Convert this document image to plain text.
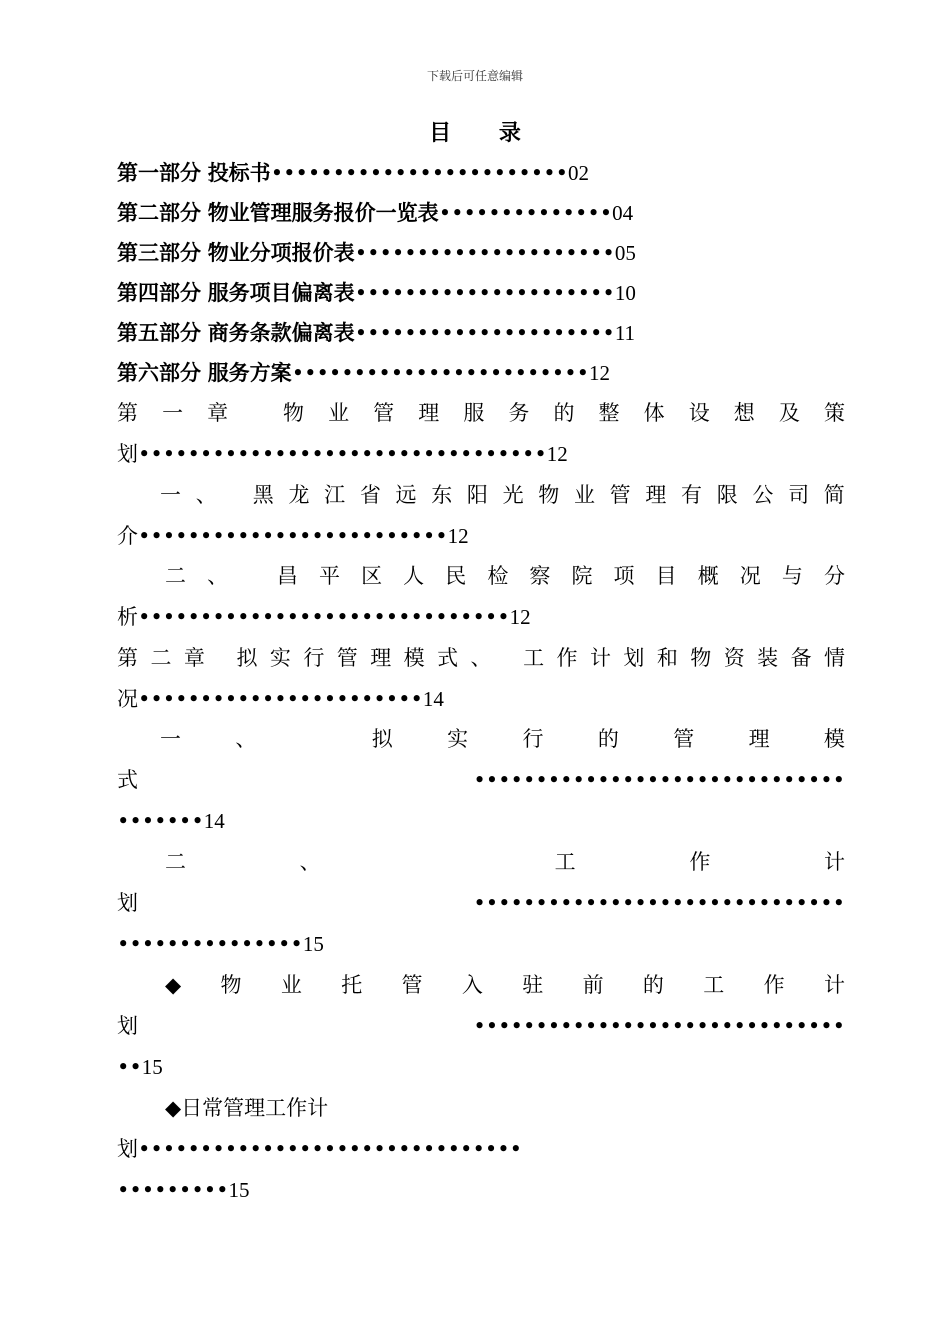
下载后可任意编辑
目 录
第一部分 投标书••••••••••••••••••••••••02
第二部分 物业管理服务报价一览表••••••••••••••04
第三部分 物业分项报价表•••••••••••••••••••••05
第四部分 服务项目偏离表•••••••••••••••••••••10
第五部分 商务条款偏离表•••••••••••••••••••••11
第六部分 服务方案••••••••••••••••••••••••12
第 一 章
	物 业 管 理 服 务 的 整 体 设 想 及 策
划•••••••••••••••••••••••••••••••••12
一 、
黑 龙 江 省 远 东 阳 光 物 业 管 理 有 限 公 司 简
介•••••••••••••••••••••••••12
二 、
昌 平 区 人 民 检 察 院 项 目 概 况 与 分
析••••••••••••••••••••••••••••••12
第 二 章
拟 实 行 管 理 模 式 、
工 作 计 划 和 物 资 装 备 情
况•••••••••••••••••••••••14
一	、
	拟	实	行	的	管	理	模
式	••••••••••••••••••••••••••••••
•••••••14
二	、
	工	作	计
划	••••••••••••••••••••••••••••••
•••••••••••••••15
◆ 物 业 托 管 入 驻 前 的 工 作 计
划	••••••••••••••••••••••••••••••
••15
◆日常管理工作计
划•••••••••••••••••••••••••••••••
•••••••••15
